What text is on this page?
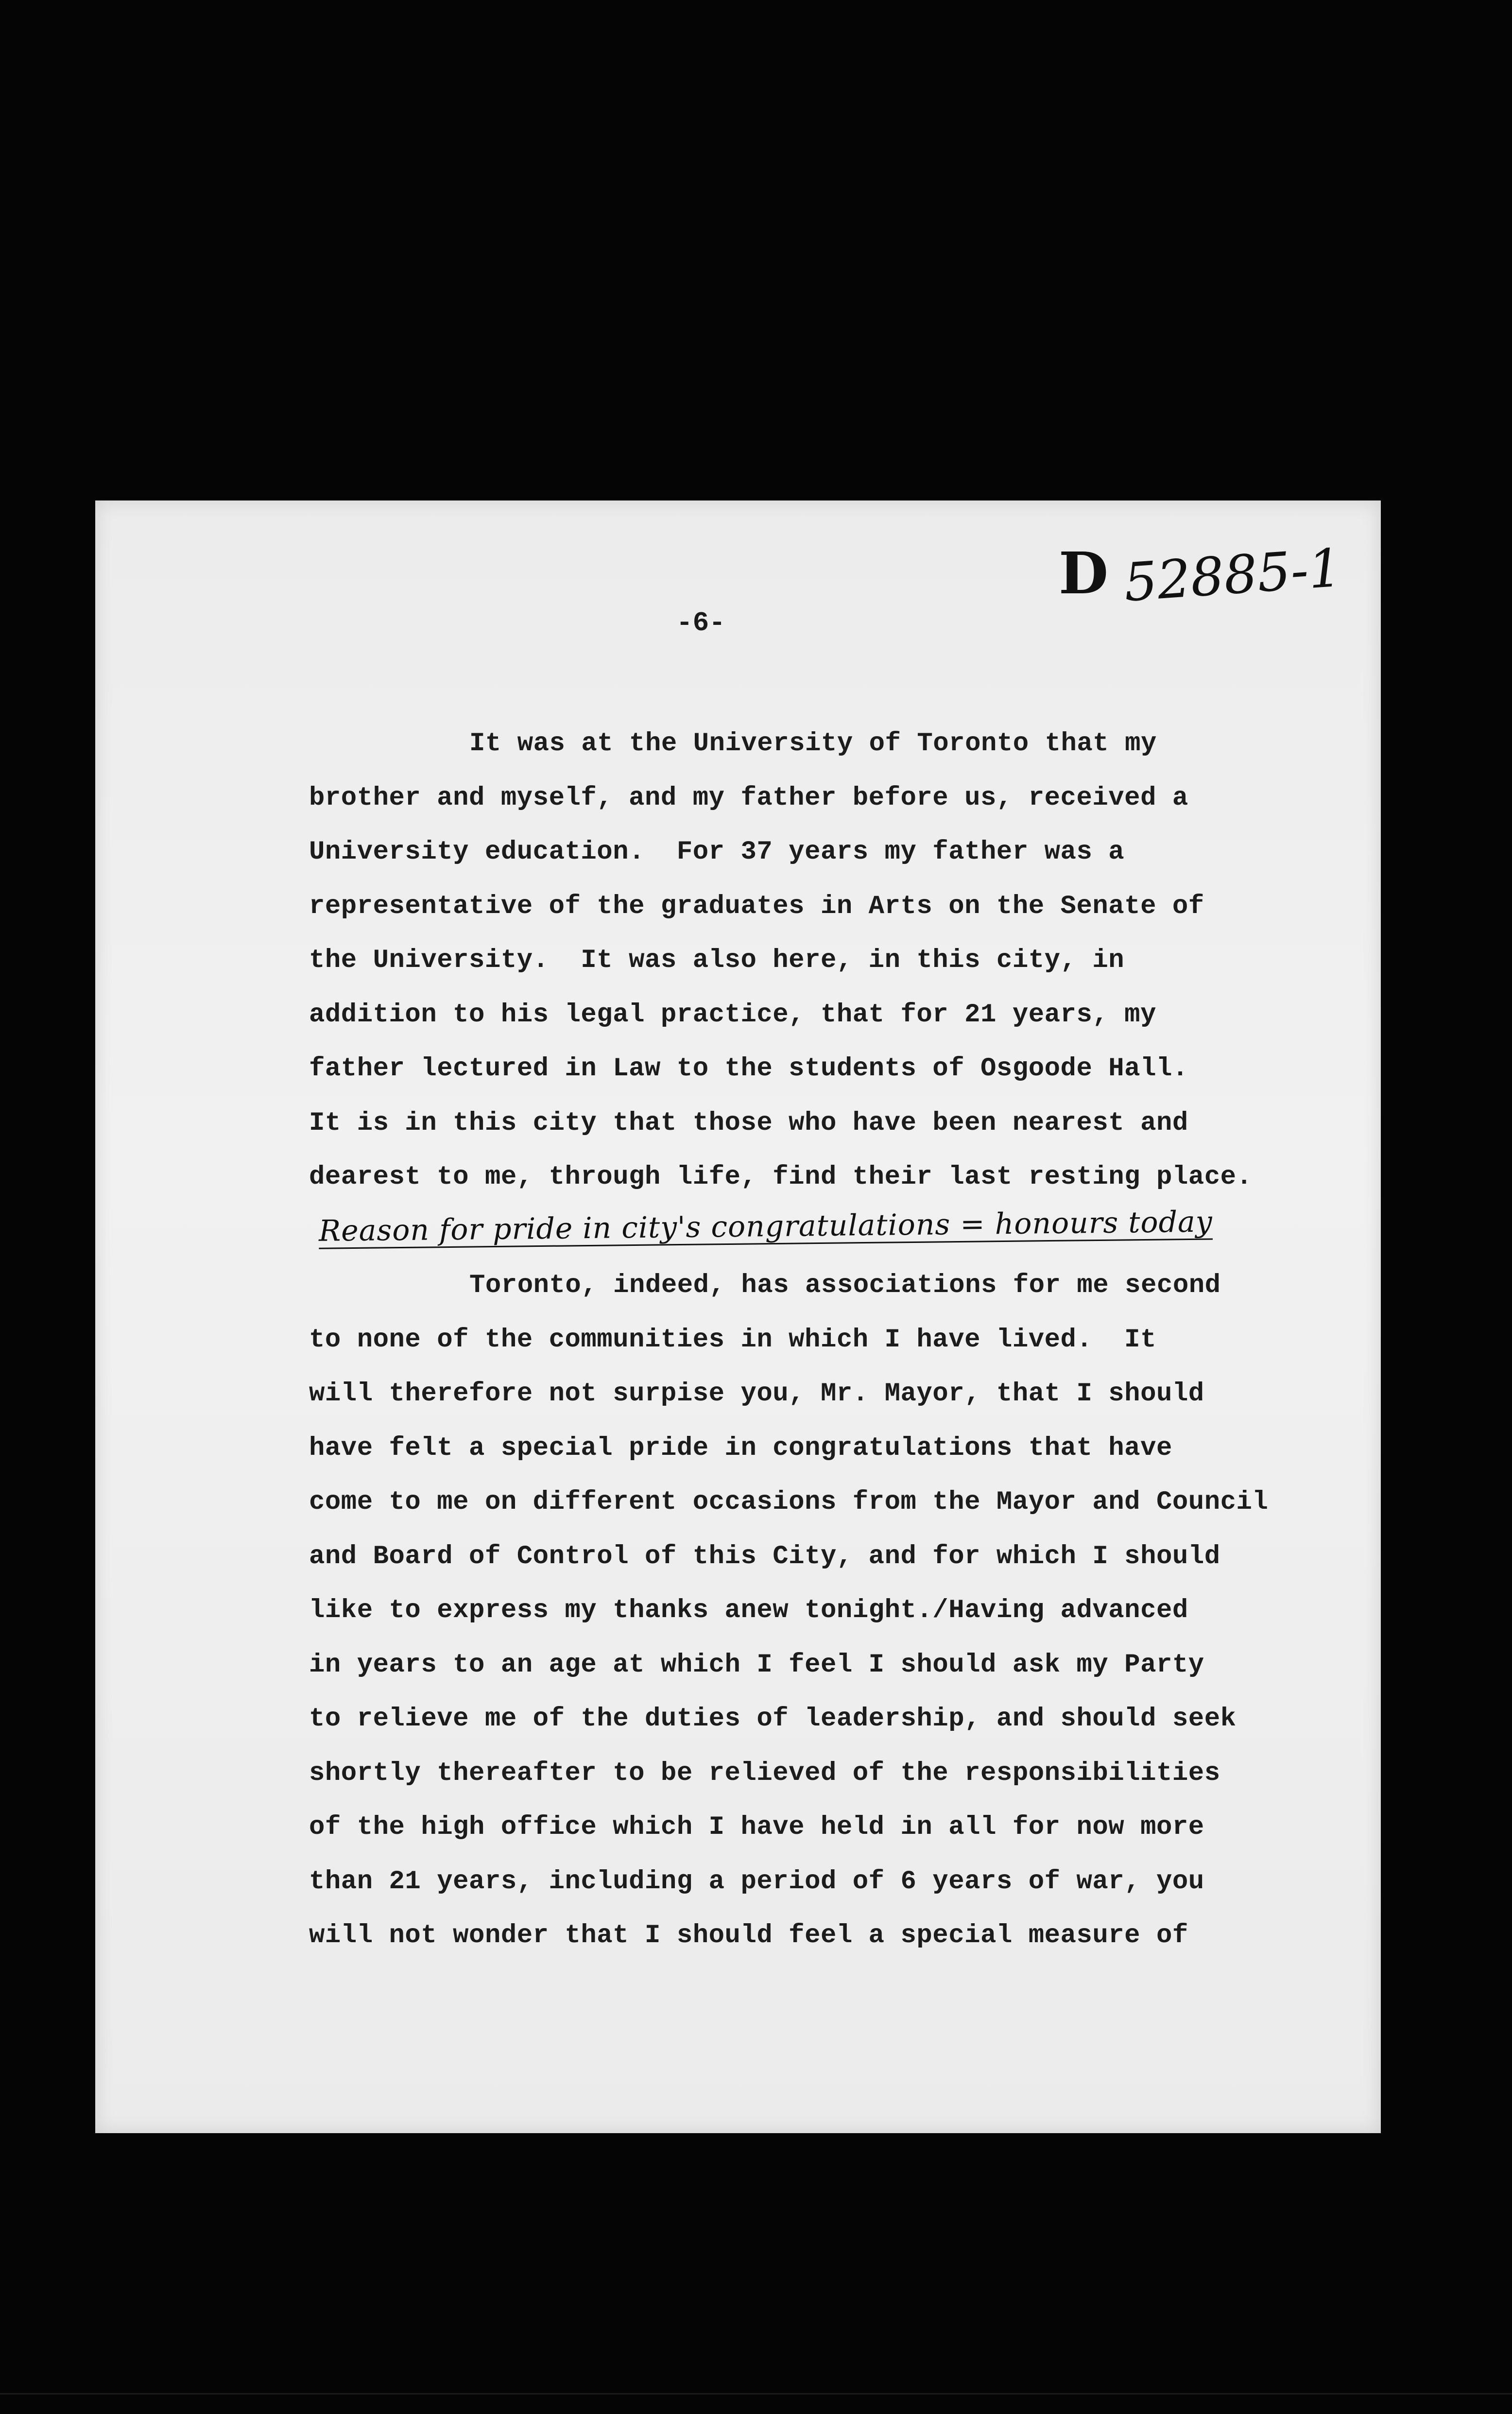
D 52885-1
-6-
It was at the University of Toronto that my
brother and myself, and my father before us, received a
University education.  For 37 years my father was a
representative of the graduates in Arts on the Senate of
the University.  It was also here, in this city, in
addition to his legal practice, that for 21 years, my
father lectured in Law to the students of Osgoode Hall.
It is in this city that those who have been nearest and
dearest to me, through life, find their last resting place.
Reason for pride in city's congratulations = honours today
Toronto, indeed, has associations for me second
to none of the communities in which I have lived.  It
will therefore not surpise you, Mr. Mayor, that I should
have felt a special pride in congratulations that have
come to me on different occasions from the Mayor and Council
and Board of Control of this City, and for which I should
like to express my thanks anew tonight./Having advanced
in years to an age at which I feel I should ask my Party
to relieve me of the duties of leadership, and should seek
shortly thereafter to be relieved of the responsibilities
of the high office which I have held in all for now more
than 21 years, including a period of 6 years of war, you
will not wonder that I should feel a special measure of
